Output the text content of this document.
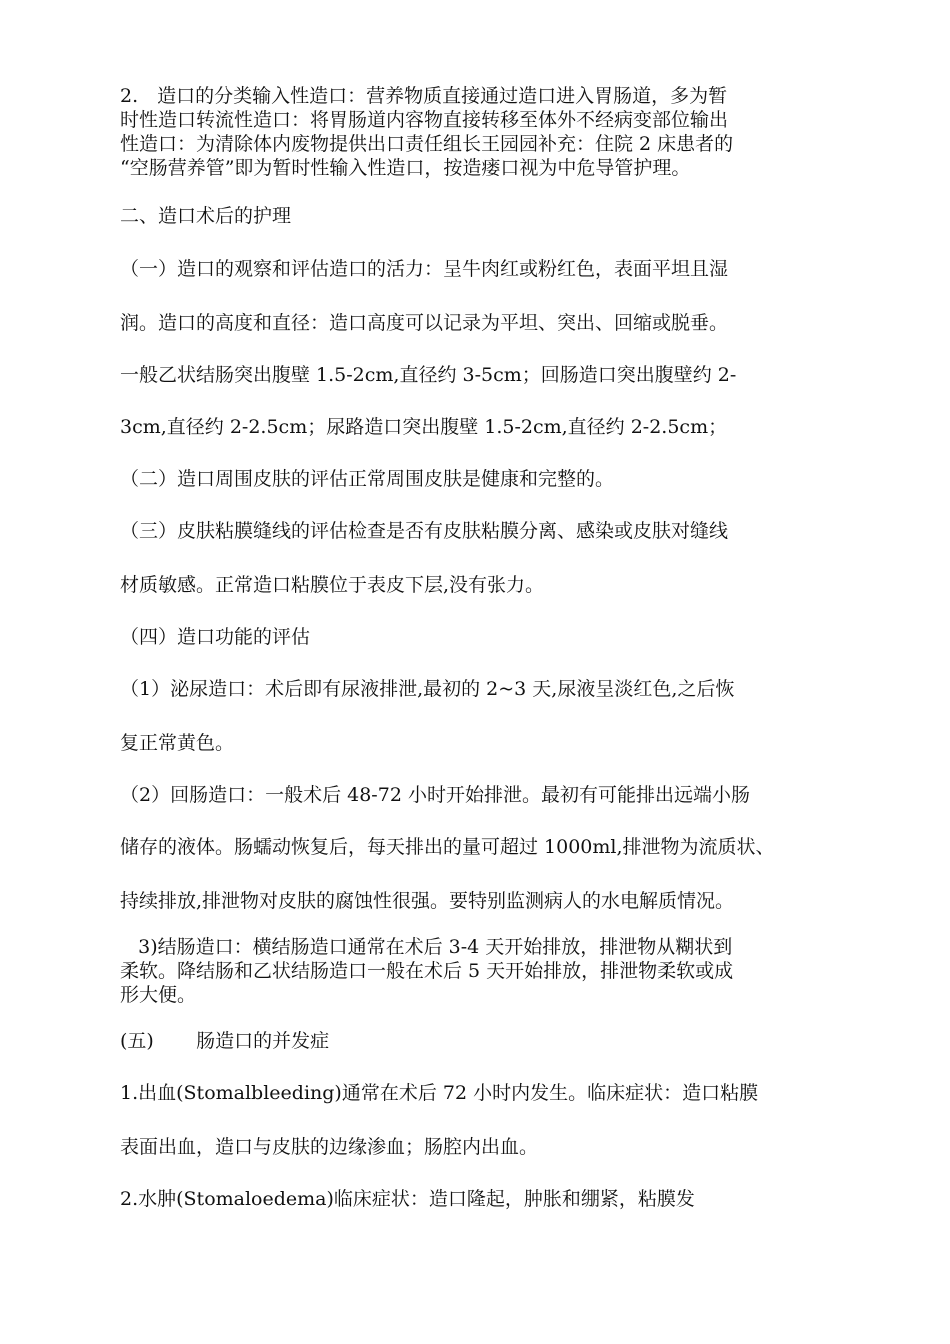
2.　造口的分类输入性造口：营养物质直接通过造口进入胃肠道，多为暂
时性造口转流性造口：将胃肠道内容物直接转移至体外不经病变部位输出
性造口：为清除体内废物提供出口责任组长王园园补充：住院 2 床患者的
“空肠营养管”即为暂时性输入性造口，按造瘘口视为中危导管护理。
二、造口术后的护理
（一）造口的观察和评估造口的活力：呈牛肉红或粉红色，表面平坦且湿
润。造口的高度和直径：造口高度可以记录为平坦、突出、回缩或脱垂。
一般乙状结肠突出腹壁 1.5-2cm,直径约 3-5cm；回肠造口突出腹壁约 2-
3cm,直径约 2-2.5cm；尿路造口突出腹壁 1.5-2cm,直径约 2-2.5cm；
（二）造口周围皮肤的评估正常周围皮肤是健康和完整的。
（三）皮肤粘膜缝线的评估检查是否有皮肤粘膜分离、感染或皮肤对缝线
材质敏感。正常造口粘膜位于表皮下层,没有张力。
（四）造口功能的评估
（1）泌尿造口：术后即有尿液排泄,最初的 2~3 天,尿液呈淡红色,之后恢
复正常黄色。
（2）回肠造口：一般术后 48-72 小时开始排泄。最初有可能排出远端小肠
储存的液体。肠蠕动恢复后，每天排出的量可超过 1000ml,排泄物为流质状、
持续排放,排泄物对皮肤的腐蚀性很强。要特别监测病人的水电解质情况。
3)结肠造口：横结肠造口通常在术后 3-4 天开始排放，排泄物从糊状到
柔软。降结肠和乙状结肠造口一般在术后 5 天开始排放，排泄物柔软或成
形大便。
(五)       肠造口的并发症
1.出血(Stomalbleeding)通常在术后 72 小时内发生。临床症状：造口粘膜
表面出血，造口与皮肤的边缘渗血；肠腔内出血。
2.水肿(Stomaloedema)临床症状：造口隆起，肿胀和绷紧，粘膜发
